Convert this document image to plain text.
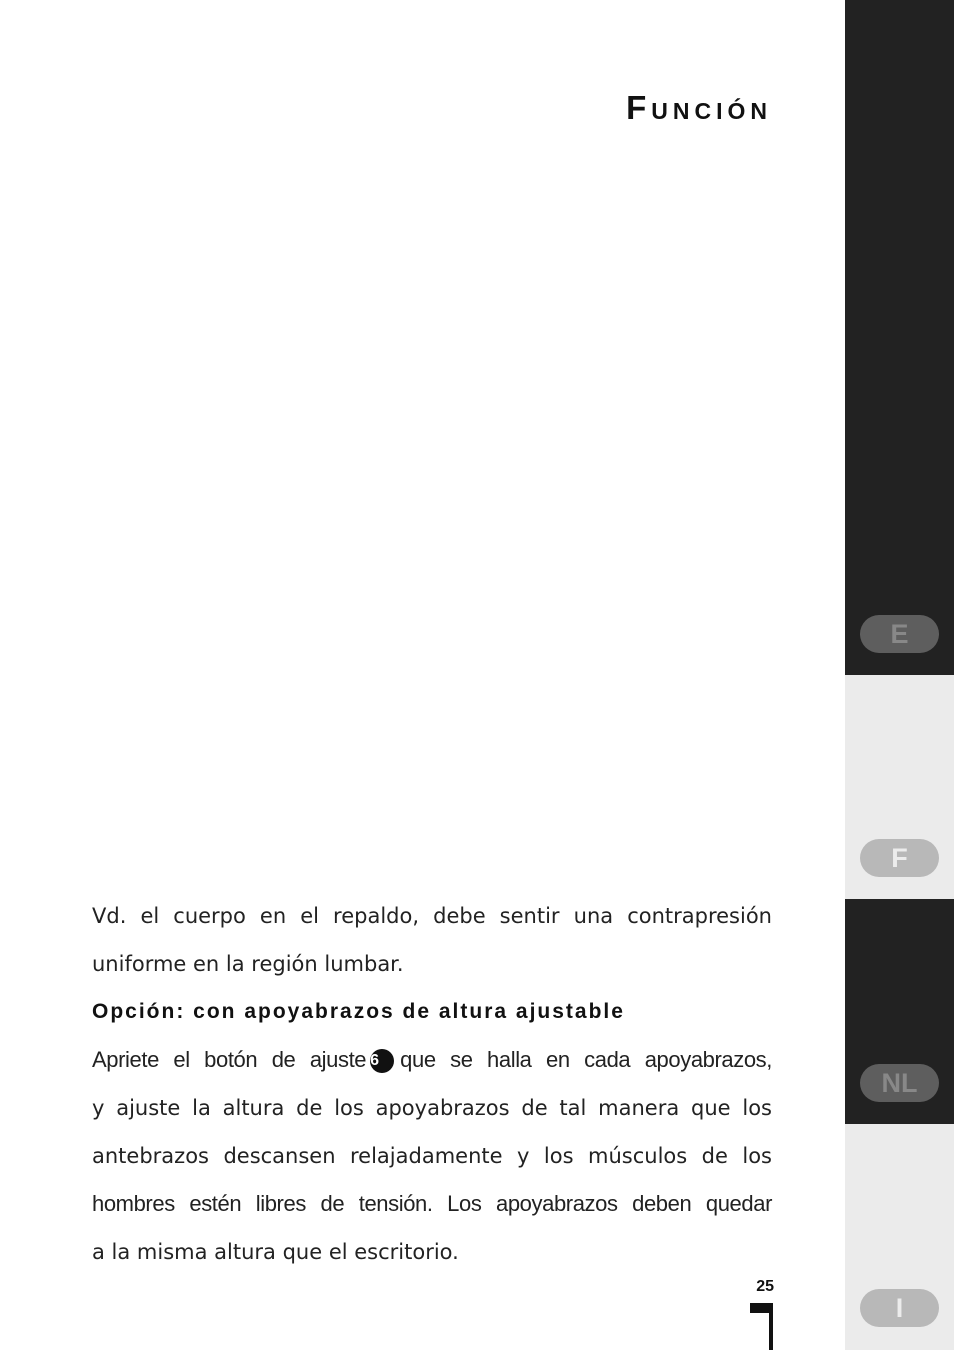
Función

Vd. el cuerpo en el repaldo, debe sentir una contrapresión

uniforme en la región lumbar.

Opción: con apoyabrazos de altura ajustable

Apriete el botón de ajuste 6 que se halla en cada apoyabrazos,

y ajuste la altura de los apoyabrazos de tal manera que los

antebrazos descansen relajadamente y los músculos de los

hombres estén libres de tensión. Los apoyabrazos deben quedar

a la misma altura que el escritorio.

E
F
NL
I
25
